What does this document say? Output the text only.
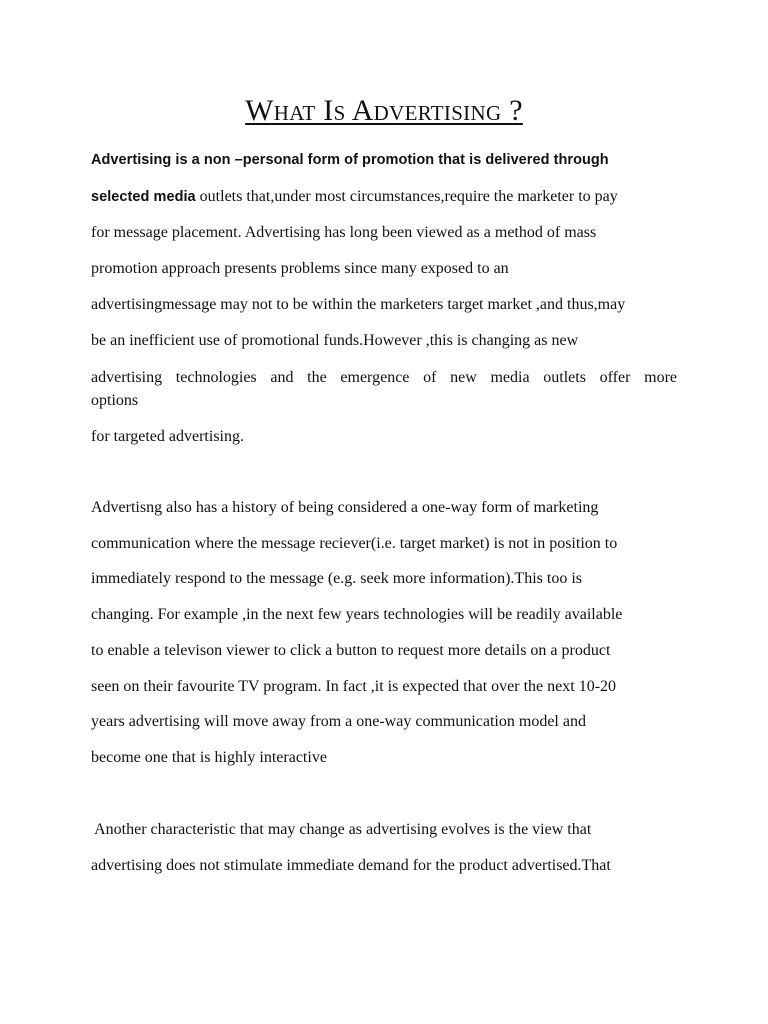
What Is Advertising ?
Advertising is a non –personal form of promotion that is delivered through
selected media outlets that,under most circumstances,require the marketer to pay
for message placement. Advertising has long been viewed as a method of mass
promotion approach presents problems since many exposed to an
advertisingmessage may not to be within the marketers target market ,and thus,may
be an inefficient use of promotional funds.However ,this is changing as new
advertising technologies and the emergence of new media outlets offer more
options
for targeted advertising.
Advertisng also has a history of being considered a one-way form of marketing
communication where the message reciever(i.e. target market) is not in position to
immediately respond to the message (e.g. seek more information).This too is
changing. For example ,in the next few years technologies will be readily available
to enable a televison viewer to click a button to request more details on a product
seen on their favourite TV program. In fact ,it is expected that over the next 10-20
years advertising will move away from a one-way communication model and
become one that is highly interactive
Another characteristic that may change as advertising evolves is the view that
advertising does not stimulate immediate demand for the product advertised.That
